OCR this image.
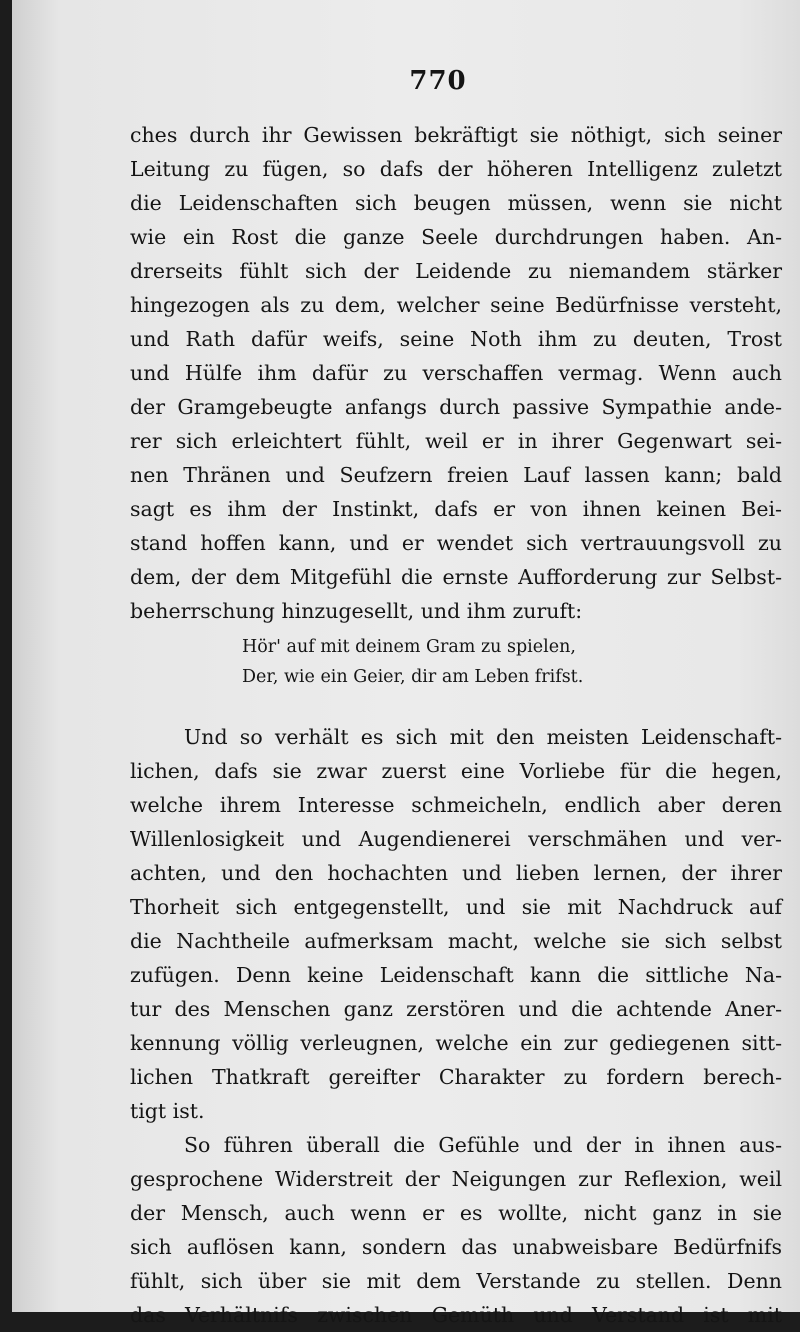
770
ches durch ihr Gewissen bekräftigt sie nöthigt, sich seiner
Leitung zu fügen, so dafs der höheren Intelligenz zuletzt
die Leidenschaften sich beugen müssen, wenn sie nicht
wie ein Rost die ganze Seele durchdrungen haben. An-
drerseits fühlt sich der Leidende zu niemandem stärker
hingezogen als zu dem, welcher seine Bedürfnisse versteht,
und Rath dafür weifs, seine Noth ihm zu deuten, Trost
und Hülfe ihm dafür zu verschaffen vermag. Wenn auch
der Gramgebeugte anfangs durch passive Sympathie ande-
rer sich erleichtert fühlt, weil er in ihrer Gegenwart sei-
nen Thränen und Seufzern freien Lauf lassen kann; bald
sagt es ihm der Instinkt, dafs er von ihnen keinen Bei-
stand hoffen kann, und er wendet sich vertrauungsvoll zu
dem, der dem Mitgefühl die ernste Aufforderung zur Selbst-
beherrschung hinzugesellt, und ihm zuruft:
Hör' auf mit deinem Gram zu spielen,
Der, wie ein Geier, dir am Leben frifst.
Und so verhält es sich mit den meisten Leidenschaft-
lichen, dafs sie zwar zuerst eine Vorliebe für die hegen,
welche ihrem Interesse schmeicheln, endlich aber deren
Willenlosigkeit und Augendienerei verschmähen und ver-
achten, und den hochachten und lieben lernen, der ihrer
Thorheit sich entgegenstellt, und sie mit Nachdruck auf
die Nachtheile aufmerksam macht, welche sie sich selbst
zufügen. Denn keine Leidenschaft kann die sittliche Na-
tur des Menschen ganz zerstören und die achtende Aner-
kennung völlig verleugnen, welche ein zur gediegenen sitt-
lichen Thatkraft gereifter Charakter zu fordern berech-
tigt ist.
So führen überall die Gefühle und der in ihnen aus-
gesprochene Widerstreit der Neigungen zur Reflexion, weil
der Mensch, auch wenn er es wollte, nicht ganz in sie
sich auflösen kann, sondern das unabweisbare Bedürfnifs
fühlt, sich über sie mit dem Verstande zu stellen. Denn
das Verhältnifs zwischen Gemüth und Verstand ist mit
